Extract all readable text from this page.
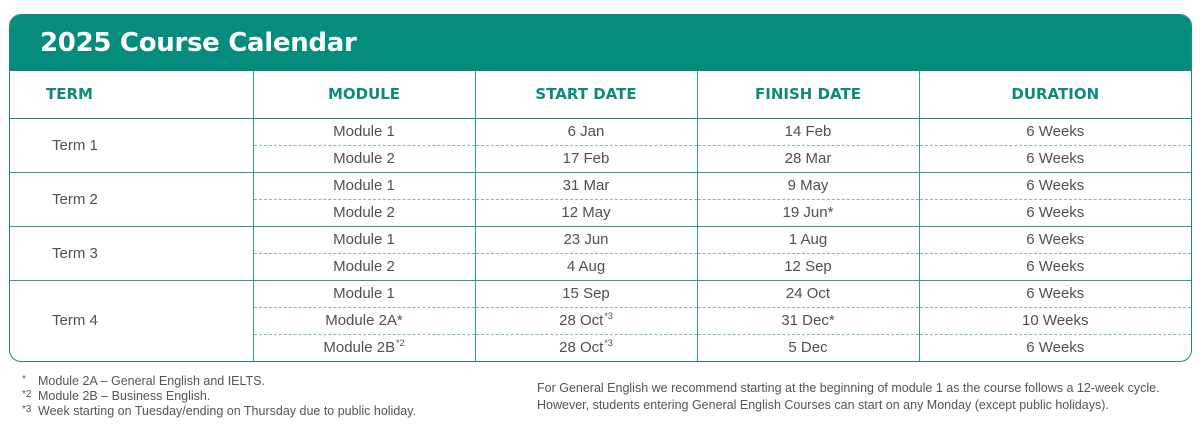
2025 Course Calendar
TERM	MODULE	START DATE	FINISH DATE	DURATION
Term 1	Module 1	6 Jan	14 Feb	6 Weeks
	Module 2	17 Feb	28 Mar	6 Weeks
Term 2	Module 1	31 Mar	9 May	6 Weeks
	Module 2	12 May	19 Jun*	6 Weeks
Term 3	Module 1	23 Jun	1 Aug	6 Weeks
	Module 2	4 Aug	12 Sep	6 Weeks
Term 4	Module 1	15 Sep	24 Oct	6 Weeks
	Module 2A*	28 Oct$^{*3}$	31 Dec*	10 Weeks
	Module $2B^{*2}$	28 Oct$^{*3}$	5 Dec	6 Weeks
* Module 2A – General English and IELTS.
*2 Module 2B – Business English.
*3 Week starting on Tuesday/ending on Thursday due to public holiday.
For General English we recommend starting at the beginning of module 1 as the course follows a 12-week cycle.
However, students entering General English Courses can start on any Monday (except public holidays).
